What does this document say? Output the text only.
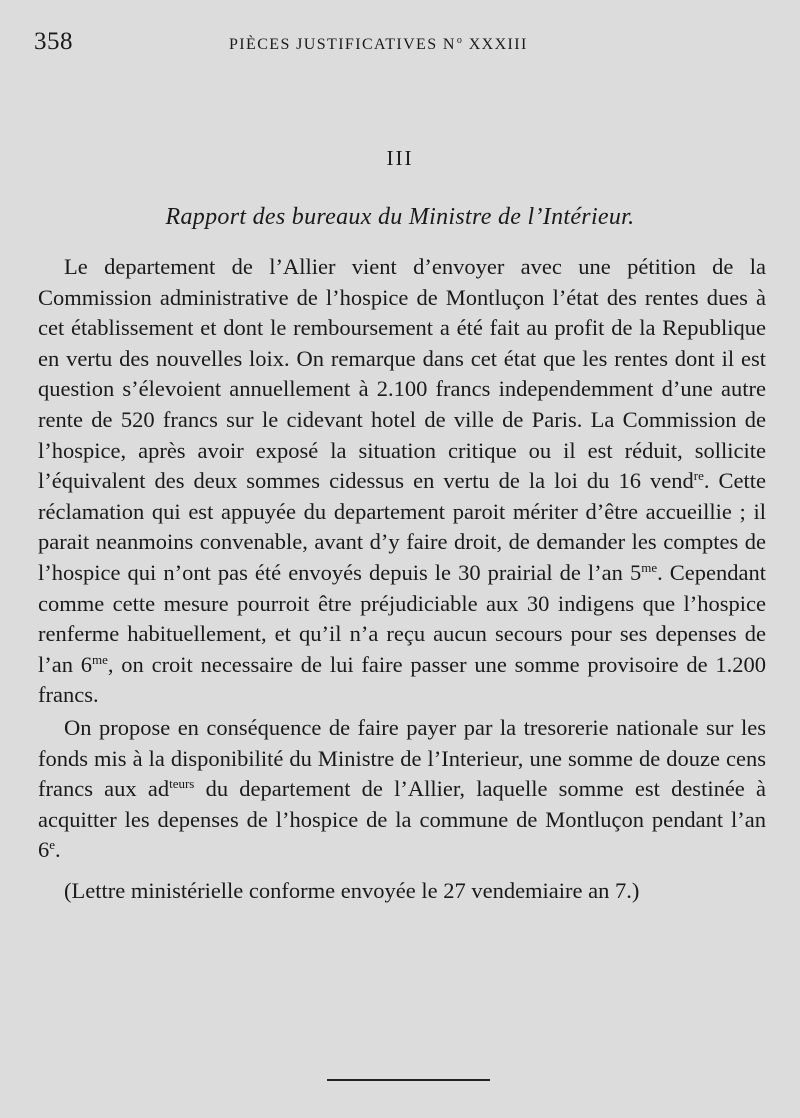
358	PIÈCES JUSTIFICATIVES $N^o$ XXXIII
III
Rapport des bureaux du Ministre de l’Intérieur.

Le departement de l’Allier vient d’envoyer avec une pétition de la Commission administrative de l’hospice de Montluçon l’état des rentes dues à cet établissement et dont le remboursement a été fait au profit de la Republique en vertu des nouvelles loix. On remarque dans cet état que les rentes dont il est question s’élevoient annuellement à 2.100 francs independemment d’une autre rente de 520 francs sur le cidevant hotel de ville de Paris. La Commission de l’hospice, après avoir exposé la situation critique ou il est réduit, sollicite l’équivalent des deux sommes cidessus en vertu de la loi du 16 vend$^{re}$. Cette réclamation qui est appuyée du departement paroit mériter d’être accueillie ; il parait neanmoins convenable, avant d’y faire droit, de demander les comptes de l’hospice qui n’ont pas été envoyés depuis le 30 prairial de l’an $5^{me}$. Cependant comme cette mesure pourroit être préjudiciable aux 30 indigens que l’hospice renferme habituellement, et qu’il n’a reçu aucun secours pour ses depenses de l’an $6^{me}$, on croit necessaire de lui faire passer une somme provisoire de 1.200 francs.

On propose en conséquence de faire payer par la tresorerie nationale sur les fonds mis à la disponibilité du Ministre de l’Interieur, une somme de douze cens francs aux $ad^{teurs}$ du departement de l’Allier, laquelle somme est destinée à acquitter les depenses de l’hospice de la commune de Montluçon pendant l’an 6e.

(Lettre ministérielle conforme envoyée le 27 vendemiaire an 7.)
